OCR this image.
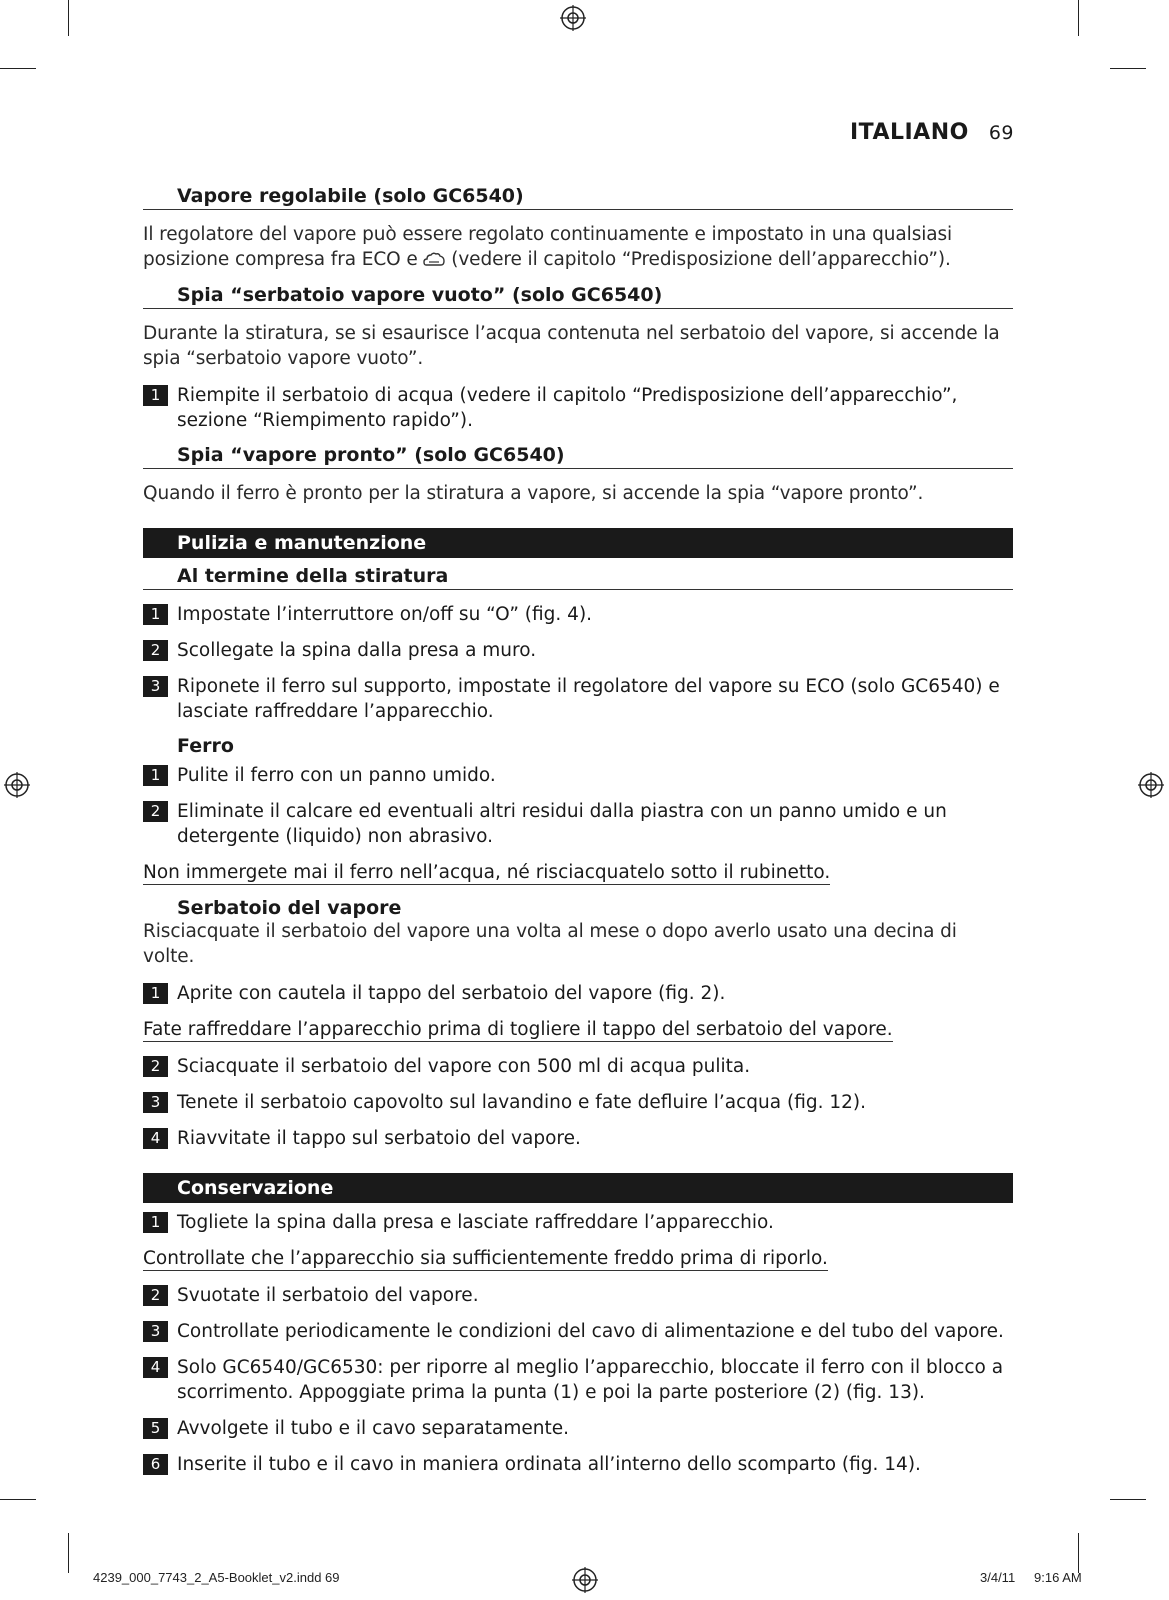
ITALIANO 69
Vapore regolabile (solo GC6540)
Il regolatore del vapore può essere regolato continuamente e impostato in una qualsiasi posizione compresa fra ECO e (vedere il capitolo “Predisposizione dell’apparecchio”).
Spia “serbatoio vapore vuoto” (solo GC6540)
Durante la stiratura, se si esaurisce l’acqua contenuta nel serbatoio del vapore, si accende la spia “serbatoio vapore vuoto”.
1 Riempite il serbatoio di acqua (vedere il capitolo “Predisposizione dell’apparecchio”, sezione “Riempimento rapido”).
Spia “vapore pronto” (solo GC6540)
Quando il ferro è pronto per la stiratura a vapore, si accende la spia “vapore pronto”.
Pulizia e manutenzione
Al termine della stiratura
1 Impostate l’interruttore on/off su “O” (fig. 4).
2 Scollegate la spina dalla presa a muro.
3 Riponete il ferro sul supporto, impostate il regolatore del vapore su ECO (solo GC6540) e lasciate raffreddare l’apparecchio.
Ferro
1 Pulite il ferro con un panno umido.
2 Eliminate il calcare ed eventuali altri residui dalla piastra con un panno umido e un detergente (liquido) non abrasivo.
Non immergete mai il ferro nell’acqua, né risciacquatelo sotto il rubinetto.
Serbatoio del vapore
Risciacquate il serbatoio del vapore una volta al mese o dopo averlo usato una decina di volte.
1 Aprite con cautela il tappo del serbatoio del vapore (fig. 2).
Fate raffreddare l’apparecchio prima di togliere il tappo del serbatoio del vapore.
2 Sciacquate il serbatoio del vapore con 500 ml di acqua pulita.
3 Tenete il serbatoio capovolto sul lavandino e fate defluire l’acqua (fig. 12).
4 Riavvitate il tappo sul serbatoio del vapore.
Conservazione
1 Togliete la spina dalla presa e lasciate raffreddare l’apparecchio.
Controllate che l’apparecchio sia sufficientemente freddo prima di riporlo.
2 Svuotate il serbatoio del vapore.
3 Controllate periodicamente le condizioni del cavo di alimentazione e del tubo del vapore.
4 Solo GC6540/GC6530: per riporre al meglio l’apparecchio, bloccate il ferro con il blocco a scorrimento. Appoggiate prima la punta (1) e poi la parte posteriore (2) (fig. 13).
5 Avvolgete il tubo e il cavo separatamente.
6 Inserite il tubo e il cavo in maniera ordinata all’interno dello scomparto (fig. 14).
4239_000_7743_2_A5-Booklet_v2.indd 69	3/4/11 9:16 AM
